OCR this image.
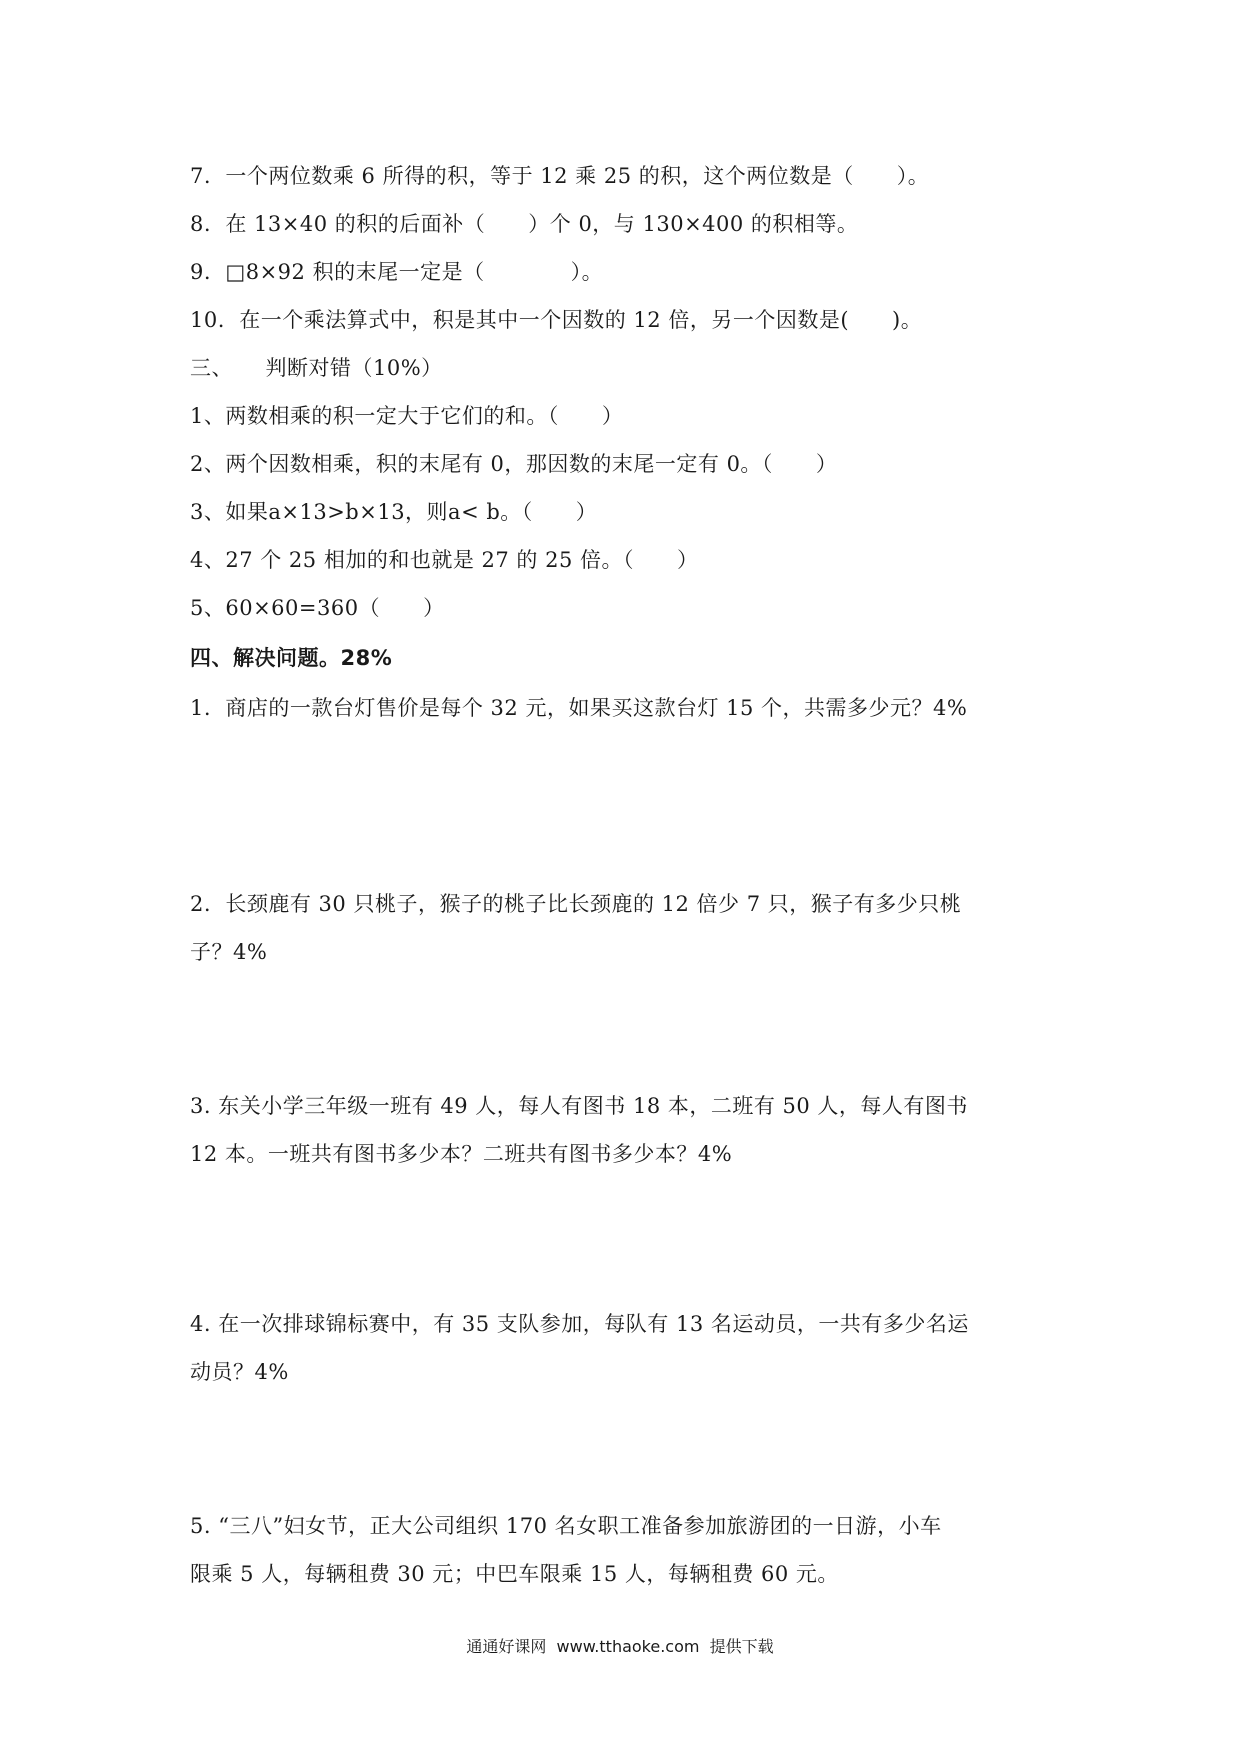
7.  一个两位数乘 6 所得的积，等于 12 乘 25 的积，这个两位数是（　　）。
8.  在 13×40 的积的后面补（　　）个 0，与 130×400 的积相等。
9.  □8×92 积的末尾一定是（　　　　）。
10.  在一个乘法算式中，积是其中一个因数的 12 倍，另一个因数是(　　)。
三、　　判断对错（10%）
1、两数相乘的积一定大于它们的和。（　　）
2、两个因数相乘，积的末尾有 0，那因数的末尾一定有 0。（　　）
3、如果a×13>b×13，则a< b。（　　）
4、27 个 25 相加的和也就是 27 的 25 倍。（　　）
5、60×60=360（　　）
四、解决问题。28%
1.  商店的一款台灯售价是每个 32 元，如果买这款台灯 15 个，共需多少元？4%
2.  长颈鹿有 30 只桃子，猴子的桃子比长颈鹿的 12 倍少 7 只，猴子有多少只桃
子？4%
3. 东关小学三年级一班有 49 人，每人有图书 18 本，二班有 50 人，每人有图书
12 本。一班共有图书多少本？二班共有图书多少本？4%
4. 在一次排球锦标赛中，有 35 支队参加，每队有 13 名运动员，一共有多少名运
动员？4%
5. “三八”妇女节，正大公司组织 170 名女职工准备参加旅游团的一日游，小车
限乘 5 人，每辆租费 30 元；中巴车限乘 15 人，每辆租费 60 元。
通通好课网  www.tthaoke.com  提供下载
